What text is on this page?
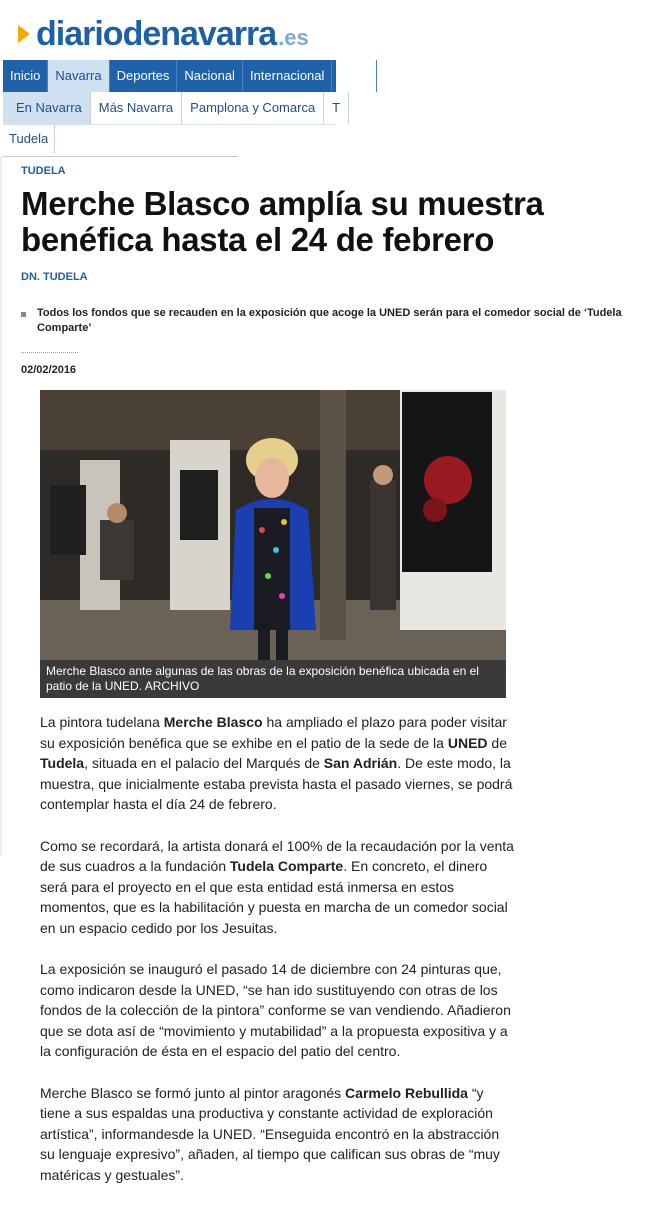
diariodenavarra .es
Inicio	Navarra	Deportes	Nacional	Internacional	Econ
En Navarra	Más Navarra	Pamplona y Comarca	T
Tudela
TUDELA
Merche Blasco amplía su muestra benéfica hasta el 24 de febrero
DN. TUDELA
Todos los fondos que se recauden en la exposición que acoge la UNED serán para el comedor social de ‘Tudela Comparte’
02/02/2016
Merche Blasco ante algunas de las obras de la exposición benéfica ubicada en el patio de la UNED. ARCHIVO

La pintora tudelana Merche Blasco ha ampliado el plazo para poder visitar su exposición benéfica que se exhibe en el patio de la sede de la UNED de Tudela, situada en el palacio del Marqués de San Adrián. De este modo, la muestra, que inicialmente estaba prevista hasta el pasado viernes, se podrá contemplar hasta el día 24 de febrero.

Como se recordará, la artista donará el 100% de la recaudación por la venta de sus cuadros a la fundación Tudela Comparte. En concreto, el dinero será para el proyecto en el que esta entidad está inmersa en estos momentos, que es la habilitación y puesta en marcha de un comedor social en un espacio cedido por los Jesuitas.

La exposición se inauguró el pasado 14 de diciembre con 24 pinturas que, como indicaron desde la UNED, “se han ido sustituyendo con otras de los fondos de la colección de la pintora” conforme se van vendiendo. Añadieron que se dota así de “movimiento y mutabilidad” a la propuesta expositiva y a la configuración de ésta en el espacio del patio del centro.

Merche Blasco se formó junto al pintor aragonés Carmelo Rebullida “y tiene a sus espaldas una productiva y constante actividad de exploración artística”, informandesde la UNED. “Enseguida encontró en la abstracción su lenguaje expresivo”, añaden, al tiempo que califican sus obras de “muy matéricas y gestuales”.
